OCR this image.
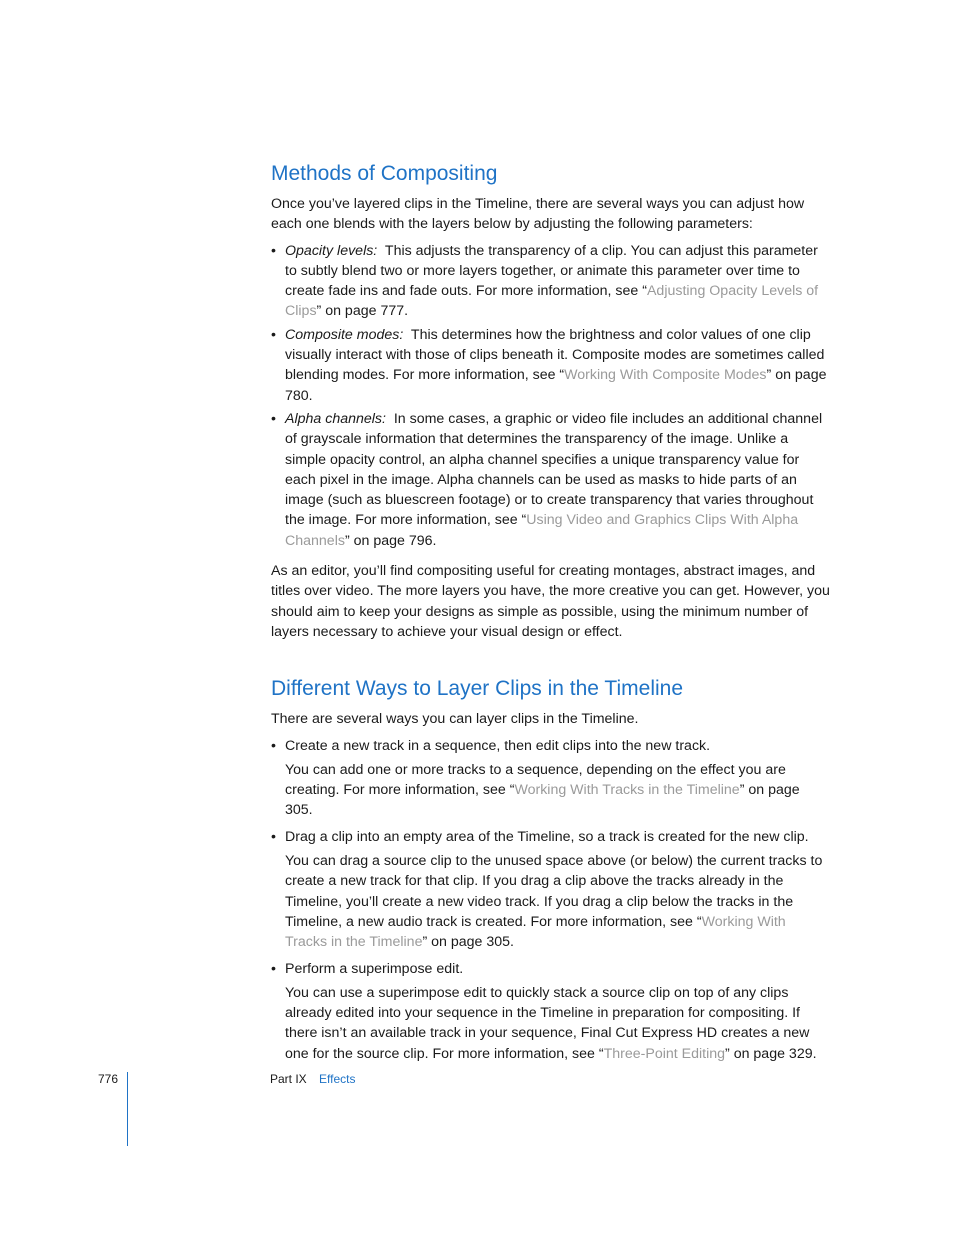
Methods of Compositing

Once you’ve layered clips in the Timeline, there are several ways you can adjust how each one blends with the layers below by adjusting the following parameters:

• Opacity levels: This adjusts the transparency of a clip. You can adjust this parameter to subtly blend two or more layers together, or animate this parameter over time to create fade ins and fade outs. For more information, see “Adjusting Opacity Levels of Clips” on page 777.
• Composite modes: This determines how the brightness and color values of one clip visually interact with those of clips beneath it. Composite modes are sometimes called blending modes. For more information, see “Working With Composite Modes” on page 780.
• Alpha channels: In some cases, a graphic or video file includes an additional channel of grayscale information that determines the transparency of the image. Unlike a simple opacity control, an alpha channel specifies a unique transparency value for each pixel in the image. Alpha channels can be used as masks to hide parts of an image (such as bluescreen footage) or to create transparency that varies throughout the image. For more information, see “Using Video and Graphics Clips With Alpha Channels” on page 796.

As an editor, you’ll find compositing useful for creating montages, abstract images, and titles over video. The more layers you have, the more creative you can get. However, you should aim to keep your designs as simple as possible, using the minimum number of layers necessary to achieve your visual design or effect.

Different Ways to Layer Clips in the Timeline

There are several ways you can layer clips in the Timeline.

• Create a new track in a sequence, then edit clips into the new track.
You can add one or more tracks to a sequence, depending on the effect you are creating. For more information, see “Working With Tracks in the Timeline” on page 305.
• Drag a clip into an empty area of the Timeline, so a track is created for the new clip.
You can drag a source clip to the unused space above (or below) the current tracks to create a new track for that clip. If you drag a clip above the tracks already in the Timeline, you’ll create a new video track. If you drag a clip below the tracks in the Timeline, a new audio track is created. For more information, see “Working With Tracks in the Timeline” on page 305.
• Perform a superimpose edit.
You can use a superimpose edit to quickly stack a source clip on top of any clips already edited into your sequence in the Timeline in preparation for compositing. If there isn’t an available track in your sequence, Final Cut Express HD creates a new one for the source clip. For more information, see “Three-Point Editing” on page 329.
776	Part IX Effects
